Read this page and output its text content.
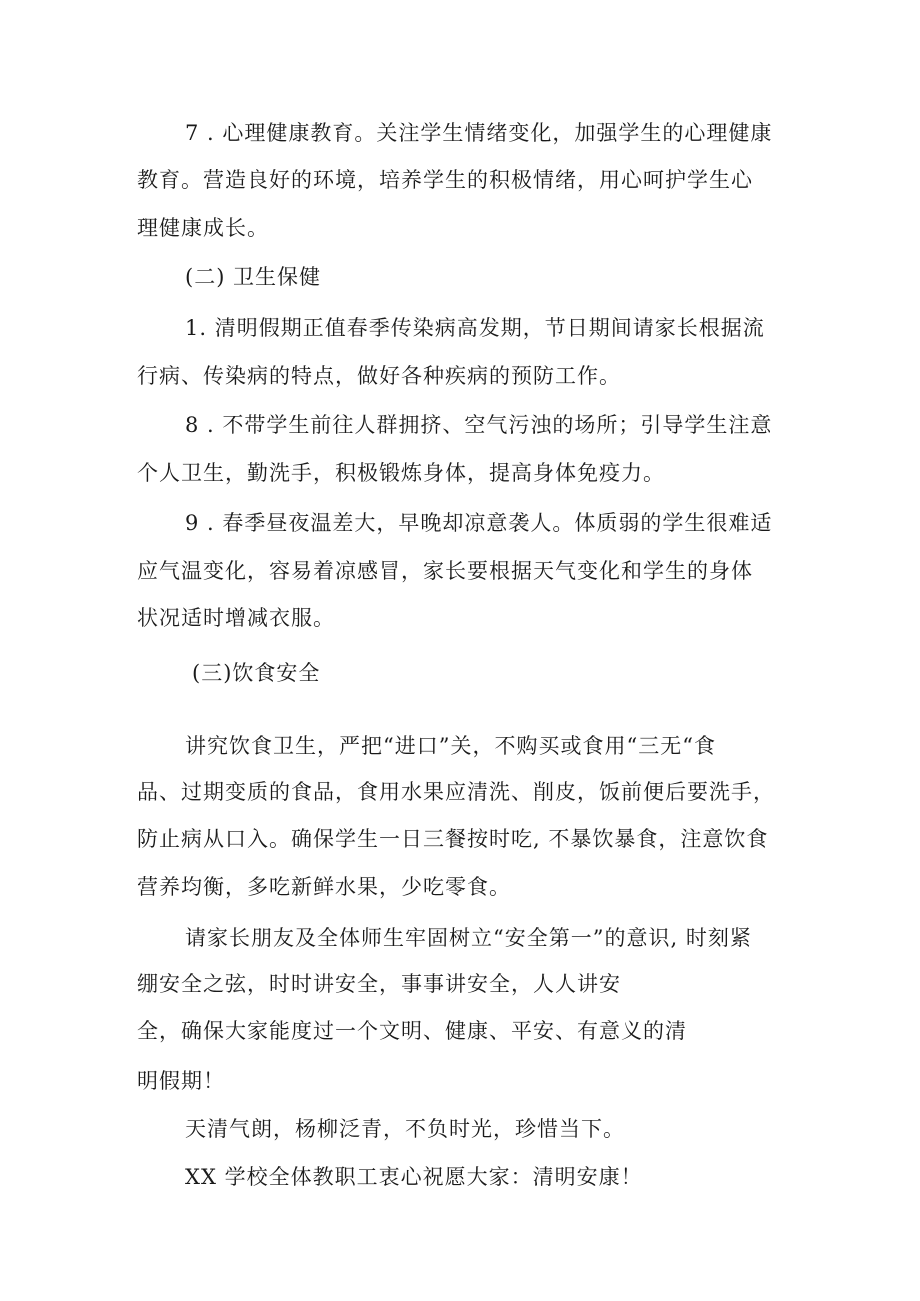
7 . 心理健康教育。关注学生情绪变化，加强学生的心理健康
教育。营造良好的环境，培养学生的积极情绪，用心呵护学生心
理健康成长。
(二) 卫生保健
1. 清明假期正值春季传染病高发期，节日期间请家长根据流
行病、传染病的特点，做好各种疾病的预防工作。
8 . 不带学生前往人群拥挤、空气污浊的场所；引导学生注意
个人卫生，勤洗手，积极锻炼身体，提高身体免疫力。
9 . 春季昼夜温差大，早晚却凉意袭人。体质弱的学生很难适
应气温变化，容易着凉感冒，家长要根据天气变化和学生的身体
状况适时增减衣服。
(三)饮食安全
讲究饮食卫生，严把“进口”关，不购买或食用“三无“食
品、过期变质的食品，食用水果应清洗、削皮，饭前便后要洗手，
防止病从口入。确保学生一日三餐按时吃, 不暴饮暴食，注意饮食
营养均衡，多吃新鲜水果，少吃零食。
请家长朋友及全体师生牢固树立“安全第一”的意识, 时刻紧
绷安全之弦，时时讲安全，事事讲安全，人人讲安
全，确保大家能度过一个文明、健康、平安、有意义的清
明假期！
天清气朗，杨柳泛青，不负时光，珍惜当下。
XX 学校全体教职工衷心祝愿大家：清明安康！
